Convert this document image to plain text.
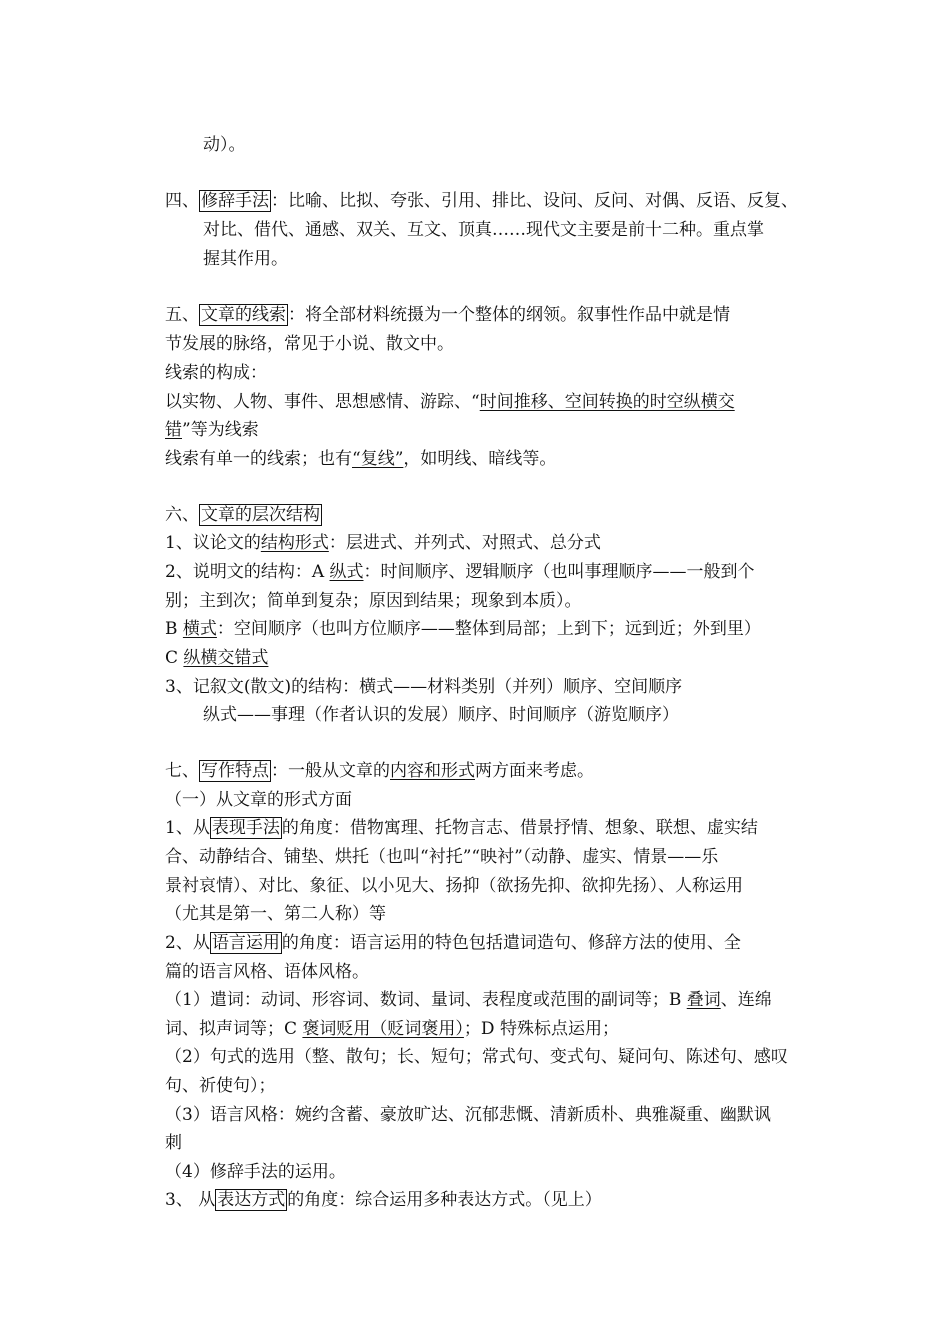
动）。
四、 修辞手法 ：比喻、比拟、夸张、引用、排比、设问、反问、对偶、反语、反复、
对比、借代、通感、双关、互文、顶真……现代文主要是前十二种。重点掌
握其作用。
五、 文章的线索 ：将全部材料统摄为一个整体的纲领。叙事性作品中就是情
节发展的脉络，常见于小说、散文中。
线索的构成：
以实物、人物、事件、思想感情、游踪、“时间推移、空间转换的时空纵横交
错”等为线索
线索有单一的线索；也有“复线”，如明线、暗线等。
六、 文章的层次结构
1、议论文的结构形式：层进式、并列式、对照式、总分式
2、说明文的结构：A 纵式：时间顺序、逻辑顺序（也叫事理顺序——一般到个
别；主到次；简单到复杂；原因到结果；现象到本质）。
B 横式：空间顺序（也叫方位顺序——整体到局部；上到下；远到近；外到里）
C 纵横交错式
3、记叙文(散文)的结构：横式——材料类别（并列）顺序、空间顺序
纵式——事理（作者认识的发展）顺序、时间顺序（游览顺序）
七、 写作特点 ：一般从文章的内容和形式两方面来考虑。
（一）从文章的形式方面
1、从 表现手法 的角度：借物寓理、托物言志、借景抒情、想象、联想、虚实结
合、动静结合、铺垫、烘托（也叫“衬托”“映衬”（动静、虚实、情景——乐
景衬哀情）、对比、象征、以小见大、扬抑（欲扬先抑、欲抑先扬）、人称运用
（尤其是第一、第二人称）等
2、从 语言运用 的角度：语言运用的特色包括遣词造句、修辞方法的使用、全
篇的语言风格、语体风格。
（1）遣词：动词、形容词、数词、量词、表程度或范围的副词等；B 叠词、连绵
词、拟声词等；C 褒词贬用（贬词褒用）；D 特殊标点运用；
（2）句式的选用（整、散句；长、短句；常式句、变式句、疑问句、陈述句、感叹
句、祈使句）；
（3）语言风格：婉约含蓄、豪放旷达、沉郁悲慨、清新质朴、典雅凝重、幽默讽
刺
（4）修辞手法的运用。
3、 从 表达方式 的角度：综合运用多种表达方式。（见上）
